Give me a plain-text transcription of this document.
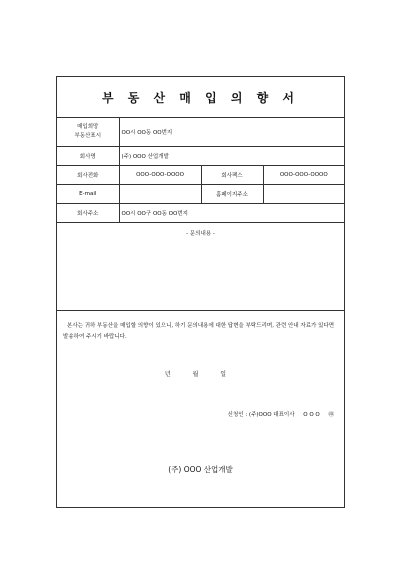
부 동 산 매 입 의 향 서
매입희망
부동산표시	OO시 OO동 OO번지		
회사명	(주) OOO 산업개발		
회사전화	OOO-OOO-OOOO	회사팩스	OOO-OOO-OOOO
E-mail		홈페이지주소	
회사주소	OO시 OO구 OO동 OO번지		
- 문의내용 -
본사는 귀하 부동산을 매입할 의향이 있으니, 하기 문의내용에 대한 답변을 부탁드리며, 관련 안내 자료가 있다면 발송하여 주시기 바랍니다.
년 월 일
신청인 : (주)OOO 대표이사     O O O     ㊞
(주) OOO 산업개발
